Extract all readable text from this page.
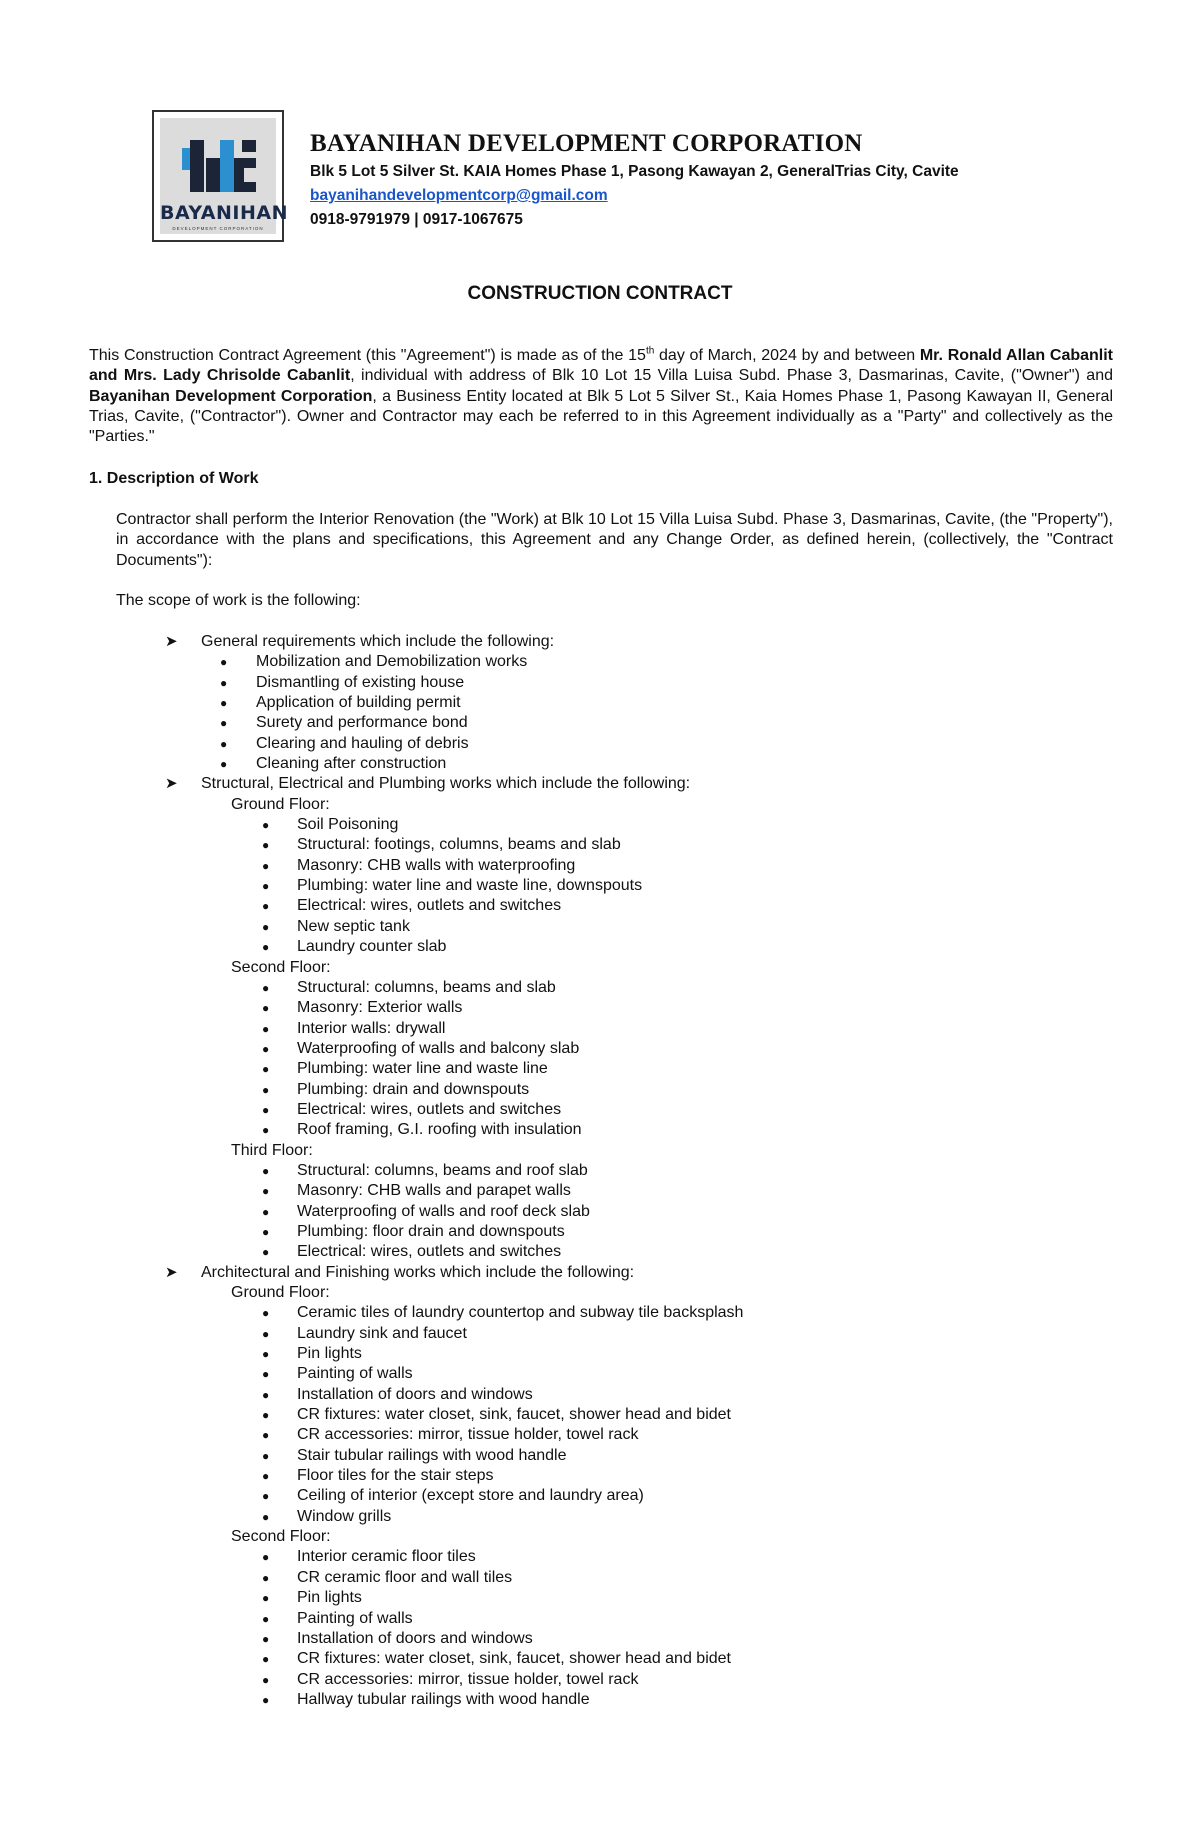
BAYANIHAN
DEVELOPMENT CORPORATION
BAYANIHAN DEVELOPMENT CORPORATION
Blk 5 Lot 5 Silver St. KAIA Homes Phase 1, Pasong Kawayan 2, GeneralTrias City, Cavite
bayanihandevelopmentcorp@gmail.com
0918-9791979 | 0917-1067675
CONSTRUCTION CONTRACT
This Construction Contract Agreement (this "Agreement") is made as of the 15th day of March, 2024 by and between Mr. Ronald Allan Cabanlit and Mrs. Lady Chrisolde Cabanlit, individual with address of Blk 10 Lot 15 Villa Luisa Subd. Phase 3, Dasmarinas, Cavite, ("Owner") and Bayanihan Development Corporation, a Business Entity located at Blk 5 Lot 5 Silver St., Kaia Homes Phase 1, Pasong Kawayan II, General Trias, Cavite, ("Contractor"). Owner and Contractor may each be referred to in this Agreement individually as a "Party" and collectively as the "Parties."
1. Description of Work
Contractor shall perform the Interior Renovation (the "Work) at Blk 10 Lot 15 Villa Luisa Subd. Phase 3, Dasmarinas, Cavite, (the "Property"), in accordance with the plans and specifications, this Agreement and any Change Order, as defined herein, (collectively, the "Contract Documents"):
The scope of work is the following:
➤ General requirements which include the following:
● Mobilization and Demobilization works
● Dismantling of existing house
● Application of building permit
● Surety and performance bond
● Clearing and hauling of debris
● Cleaning after construction
➤ Structural, Electrical and Plumbing works which include the following:
Ground Floor:
● Soil Poisoning
● Structural: footings, columns, beams and slab
● Masonry: CHB walls with waterproofing
● Plumbing: water line and waste line, downspouts
● Electrical: wires, outlets and switches
● New septic tank
● Laundry counter slab
Second Floor:
● Structural: columns, beams and slab
● Masonry: Exterior walls
● Interior walls: drywall
● Waterproofing of walls and balcony slab
● Plumbing: water line and waste line
● Plumbing: drain and downspouts
● Electrical: wires, outlets and switches
● Roof framing, G.I. roofing with insulation
Third Floor:
● Structural: columns, beams and roof slab
● Masonry: CHB walls and parapet walls
● Waterproofing of walls and roof deck slab
● Plumbing: floor drain and downspouts
● Electrical: wires, outlets and switches
➤ Architectural and Finishing works which include the following:
Ground Floor:
● Ceramic tiles of laundry countertop and subway tile backsplash
● Laundry sink and faucet
● Pin lights
● Painting of walls
● Installation of doors and windows
● CR fixtures: water closet, sink, faucet, shower head and bidet
● CR accessories: mirror, tissue holder, towel rack
● Stair tubular railings with wood handle
● Floor tiles for the stair steps
● Ceiling of interior (except store and laundry area)
● Window grills
Second Floor:
● Interior ceramic floor tiles
● CR ceramic floor and wall tiles
● Pin lights
● Painting of walls
● Installation of doors and windows
● CR fixtures: water closet, sink, faucet, shower head and bidet
● CR accessories: mirror, tissue holder, towel rack
● Hallway tubular railings with wood handle
